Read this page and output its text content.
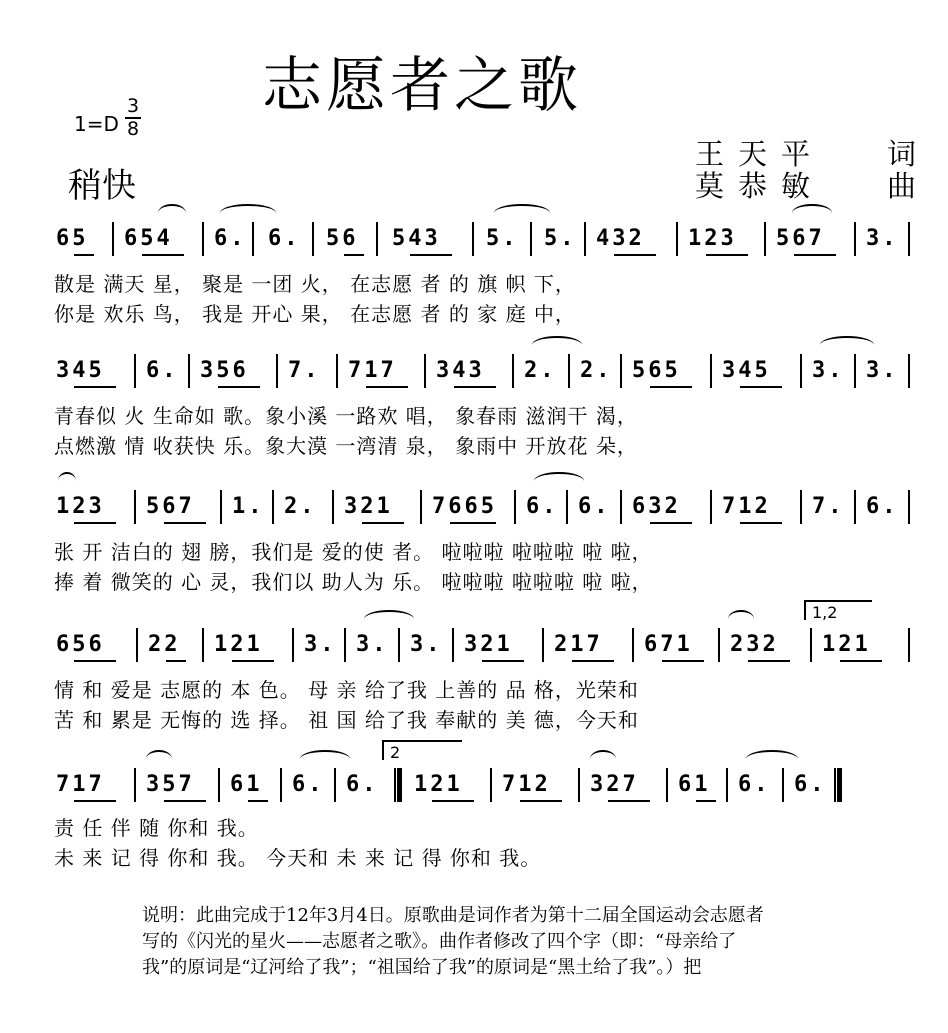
志愿者之歌
$1=D \frac{3}{8}$
稍快
王天平 词
莫恭敏 曲
65 654 6. 6. 56 543 5. 5. 432 123 567 3.
散是 满天 星， 聚是 一团 火， 在志愿 者 的 旗 帜 下，
你是 欢乐 鸟， 我是 开心 果， 在志愿 者 的 家 庭 中，
345 6. 356 7. 717 343 2. 2. 565 345 3. 3.
青春似 火 生命如 歌。象小溪 一路欢 唱， 象春雨 滋润干 渴，
点燃激 情 收获快 乐。象大漠 一湾清 泉， 象雨中 开放花 朵，
123 567 1. 2. 321 7665 6. 6. 632 712 7. 6.
张 开 洁白的 翅 膀，我们是 爱的使 者。 啦啦啦 啦啦啦 啦 啦，
捧 着 微笑的 心 灵，我们以 助人为 乐。 啦啦啦 啦啦啦 啦 啦，
1,2
656 22 121 3. 3. 3. 321 217 671 232 121
情 和 爱是 志愿的 本 色。 母 亲 给了我 上善的 品 格，光荣和
苦 和 累是 无悔的 选 择。 祖 国 给了我 奉献的 美 德，今天和
2
717 357 61 6. 6. 121 712 327 61 6. 6.
责 任 伴 随 你和 我。
未 来 记 得 你和 我。 今天和 未 来 记 得 你和 我。
说明：此曲完成于12年3月4日。原歌曲是词作者为第十二届全国运动会志愿者写的《闪光的星火——志愿者之歌》。曲作者修改了四个字（即：“母亲给了我”的原词是“辽河给了我”；“祖国给了我”的原词是“黑土给了我”。）把
